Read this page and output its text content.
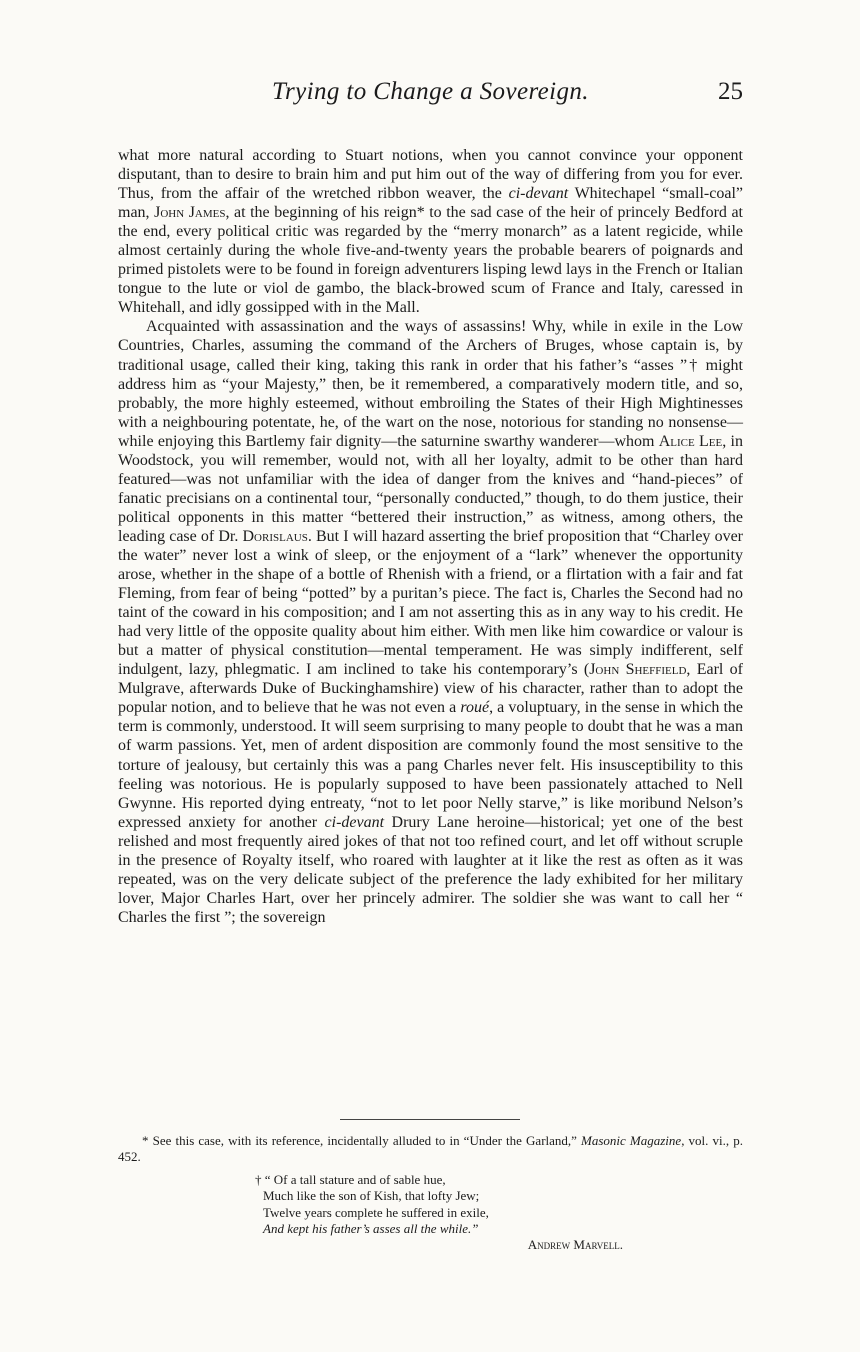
Trying to Change a Sovereign.	25

what more natural according to Stuart notions, when you cannot convince your opponent disputant, than to desire to brain him and put him out of the way of differing from you for ever. Thus, from the affair of the wretched ribbon weaver, the ci-devant Whitechapel “small-coal” man, John James, at the beginning of his reign* to the sad case of the heir of princely Bedford at the end, every political critic was regarded by the “merry monarch” as a latent regicide, while almost certainly during the whole five-and-twenty years the probable bearers of poignards and primed pistolets were to be found in foreign adventurers lisping lewd lays in the French or Italian tongue to the lute or viol de gambo, the black-browed scum of France and Italy, caressed in Whitehall, and idly gossipped with in the Mall.

Acquainted with assassination and the ways of assassins! Why, while in exile in the Low Countries, Charles, assuming the command of the Archers of Bruges, whose captain is, by traditional usage, called their king, taking this rank in order that his father’s “asses ”† might address him as “your Majesty,” then, be it remembered, a comparatively modern title, and so, probably, the more highly esteemed, without embroiling the States of their High Mightinesses with a neighbouring potentate, he, of the wart on the nose, notorious for standing no nonsense—while enjoying this Bartlemy fair dignity—the saturnine swarthy wanderer—whom Alice Lee, in Woodstock, you will remember, would not, with all her loyalty, admit to be other than hard featured—was not unfamiliar with the idea of danger from the knives and “hand-pieces” of fanatic precisians on a continental tour, “personally conducted,” though, to do them justice, their political opponents in this matter “bettered their instruction,” as witness, among others, the leading case of Dr. Dorislaus. But I will hazard asserting the brief proposition that “Charley over the water” never lost a wink of sleep, or the enjoyment of a “lark” whenever the opportunity arose, whether in the shape of a bottle of Rhenish with a friend, or a flirtation with a fair and fat Fleming, from fear of being “potted” by a puritan’s piece. The fact is, Charles the Second had no taint of the coward in his composition; and I am not asserting this as in any way to his credit. He had very little of the opposite quality about him either. With men like him cowardice or valour is but a matter of physical constitution—mental temperament. He was simply indifferent, self indulgent, lazy, phlegmatic. I am inclined to take his contemporary’s (John Sheffield, Earl of Mulgrave, afterwards Duke of Buckinghamshire) view of his character, rather than to adopt the popular notion, and to believe that he was not even a roué, a voluptuary, in the sense in which the term is commonly, understood. It will seem surprising to many people to doubt that he was a man of warm passions. Yet, men of ardent disposition are commonly found the most sensitive to the torture of jealousy, but certainly this was a pang Charles never felt. His insusceptibility to this feeling was notorious. He is popularly supposed to have been passionately attached to Nell Gwynne. His reported dying entreaty, “not to let poor Nelly starve,” is like moribund Nelson’s expressed anxiety for another ci-devant Drury Lane heroine—historical; yet one of the best relished and most frequently aired jokes of that not too refined court, and let off without scruple in the presence of Royalty itself, who roared with laughter at it like the rest as often as it was repeated, was on the very delicate subject of the preference the lady exhibited for her military lover, Major Charles Hart, over her princely admirer. The soldier she was want to call her “ Charles the first ”; the sovereign

* See this case, with its reference, incidentally alluded to in “Under the Garland,” Masonic Magazine, vol. vi., p. 452.
† “ Of a tall stature and of sable hue,
Much like the son of Kish, that lofty Jew;
Twelve years complete he suffered in exile,
And kept his father’s asses all the while.”
Andrew Marvell.
